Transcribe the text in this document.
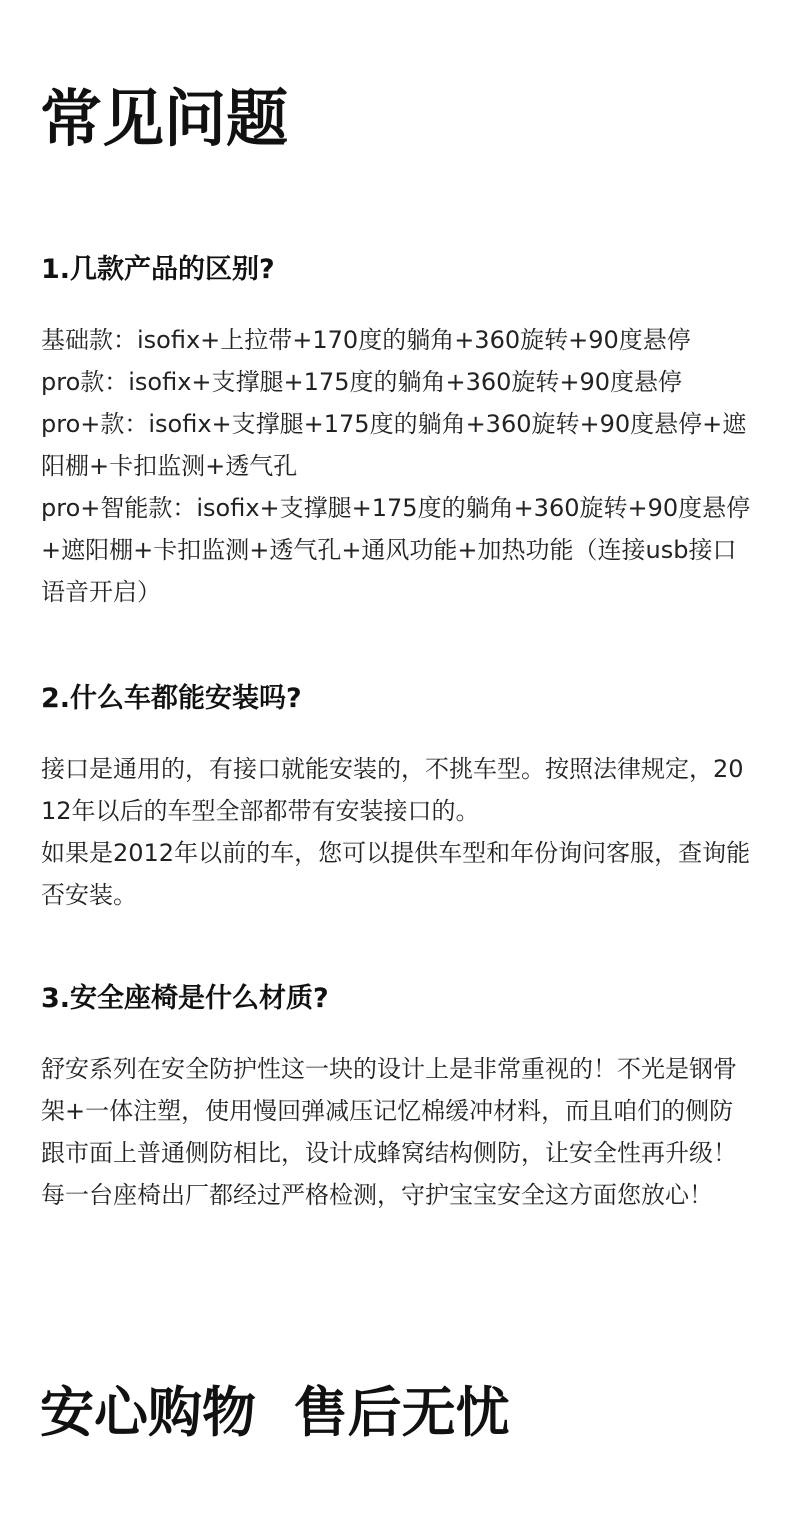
常见问题
1.几款产品的区别?
基础款：isofix+上拉带+170度的躺角+360旋转+90度悬停
pro款：isofix+支撑腿+175度的躺角+360旋转+90度悬停
pro+款：isofix+支撑腿+175度的躺角+360旋转+90度悬停+遮阳棚+卡扣监测+透气孔
pro+智能款：isofix+支撑腿+175度的躺角+360旋转+90度悬停+遮阳棚+卡扣监测+透气孔+通风功能+加热功能（连接usb接口语音开启）
2.什么车都能安装吗?
接口是通用的，有接口就能安装的，不挑车型。按照法律规定，2012年以后的车型全部都带有安装接口的。
如果是2012年以前的车，您可以提供车型和年份询问客服，查询能否安装。
3.安全座椅是什么材质?
舒安系列在安全防护性这一块的设计上是非常重视的！不光是钢骨架+一体注塑，使用慢回弹减压记忆棉缓冲材料，而且咱们的侧防跟市面上普通侧防相比，设计成蜂窝结构侧防，让安全性再升级！每一台座椅出厂都经过严格检测，守护宝宝安全这方面您放心！
安心购物  售后无忧
